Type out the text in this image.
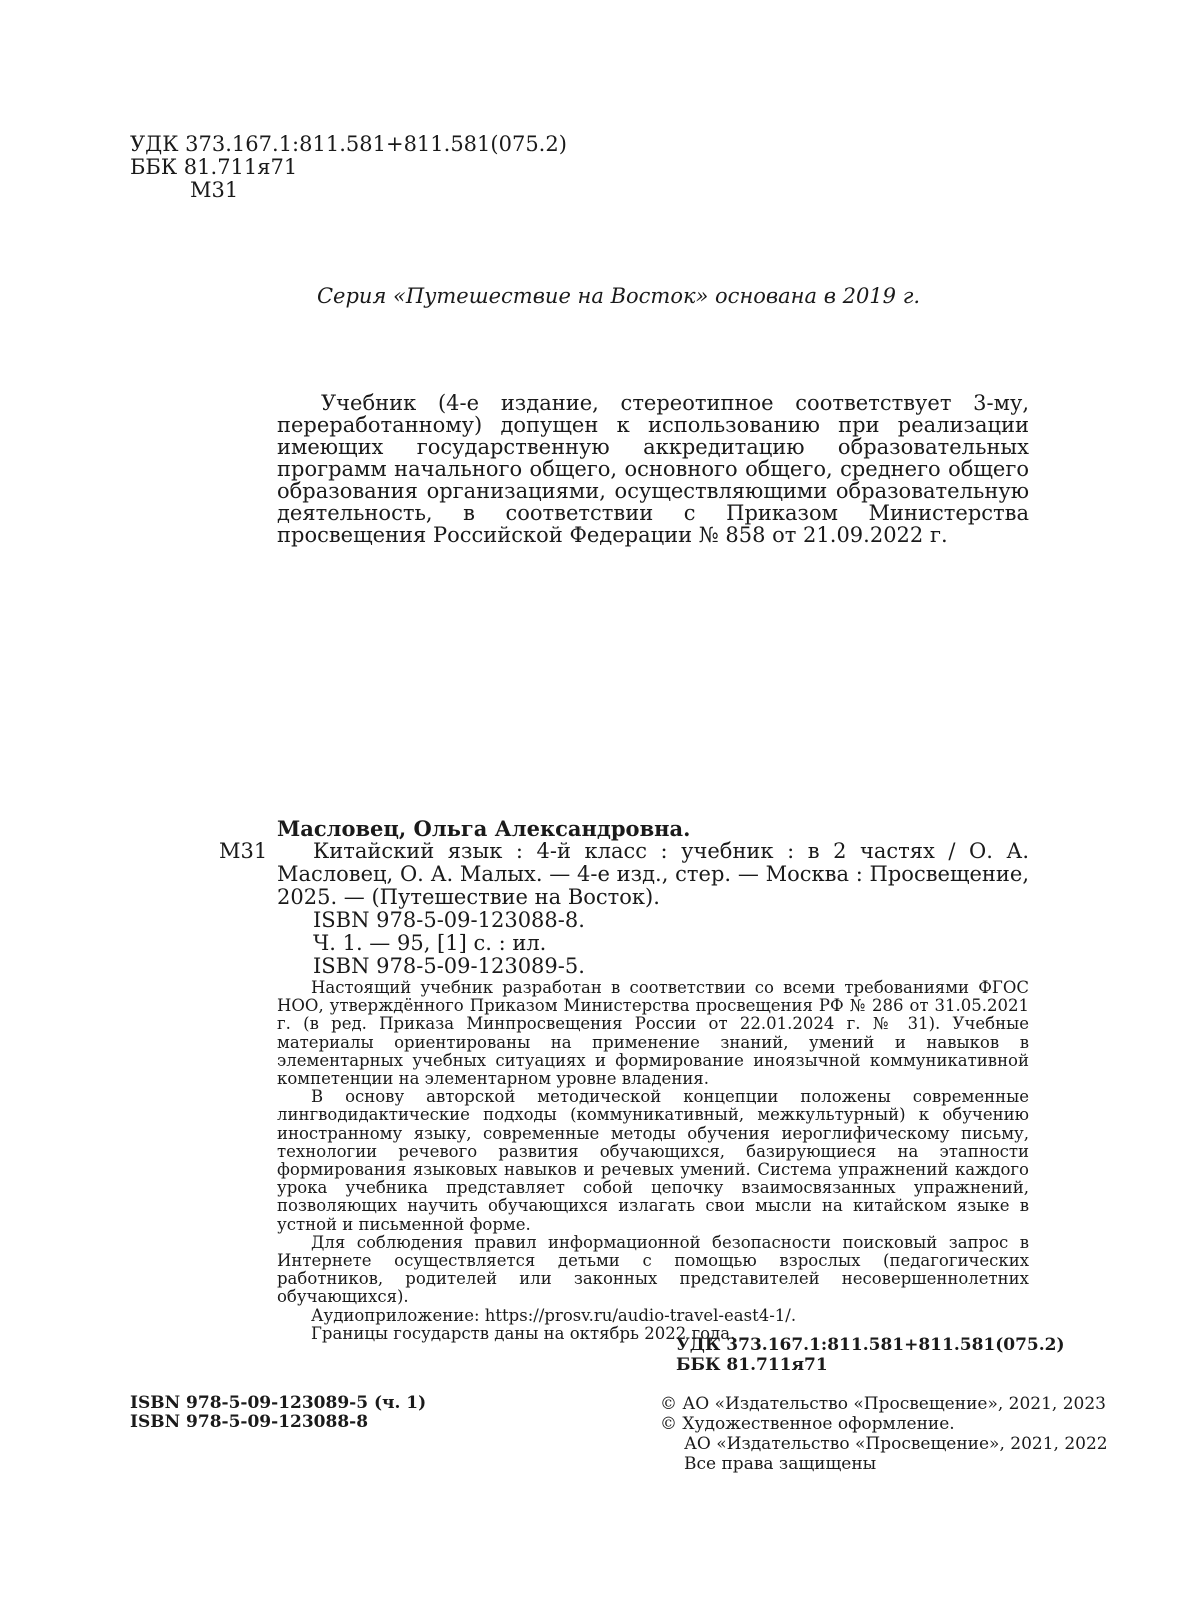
УДК 373.167.1:811.581+811.581(075.2)
ББК 81.711я71
М31
Серия «Путешествие на Восток» основана в 2019 г.
Учебник (4-е издание, стереотипное соответствует 3-му, переработанному) допущен к использованию при реализации имеющих государственную аккредитацию образовательных программ начального общего, основного общего, среднего общего образования организациями, осуществляющими образовательную деятельность, в соответствии с Приказом Министерства просвещения Российской Федерации № 858 от 21.09.2022 г.
Масловец, Ольга Александровна.
М31	Китайский язык : 4-й класс : учебник : в 2 частях / О. А. Масловец, О. А. Малых. — 4-е изд., стер. — Москва : Просвещение, 2025. — (Путешествие на Восток).
ISBN 978-5-09-123088-8.
Ч. 1. — 95, [1] с. : ил.
ISBN 978-5-09-123089-5.

Настоящий учебник разработан в соответствии со всеми требованиями ФГОС НОО, утверждённого Приказом Министерства просвещения РФ № 286 от 31.05.2021 г. (в ред. Приказа Минпросвещения России от 22.01.2024 г. № 31). Учебные материалы ориентированы на применение знаний, умений и навыков в элементарных учебных ситуациях и формирование иноязычной коммуникативной компетенции на элементарном уровне владения.

В основу авторской методической концепции положены современные лингводидактические подходы (коммуникативный, межкультурный) к обучению иностранному языку, современные методы обучения иероглифическому письму, технологии речевого развития обучающихся, базирующиеся на этапности формирования языковых навыков и речевых умений. Система упражнений каждого урока учебника представляет собой цепочку взаимосвязанных упражнений, позволяющих научить обучающихся излагать свои мысли на китайском языке в устной и письменной форме.

Для соблюдения правил информационной безопасности поисковый запрос в Интернете осуществляется детьми с помощью взрослых (педагогических работников, родителей или законных представителей несовершеннолетних обучающихся).

Аудиоприложение: https://prosv.ru/audio-travel-east4-1/.

Границы государств даны на октябрь 2022 года.

УДК 373.167.1:811.581+811.581(075.2)
ББК 81.711я71
ISBN 978-5-09-123089-5 (ч. 1)
ISBN 978-5-09-123088-8
© АО «Издательство «Просвещение», 2021, 2023
© Художественное оформление.
АО «Издательство «Просвещение», 2021, 2022
Все права защищены
